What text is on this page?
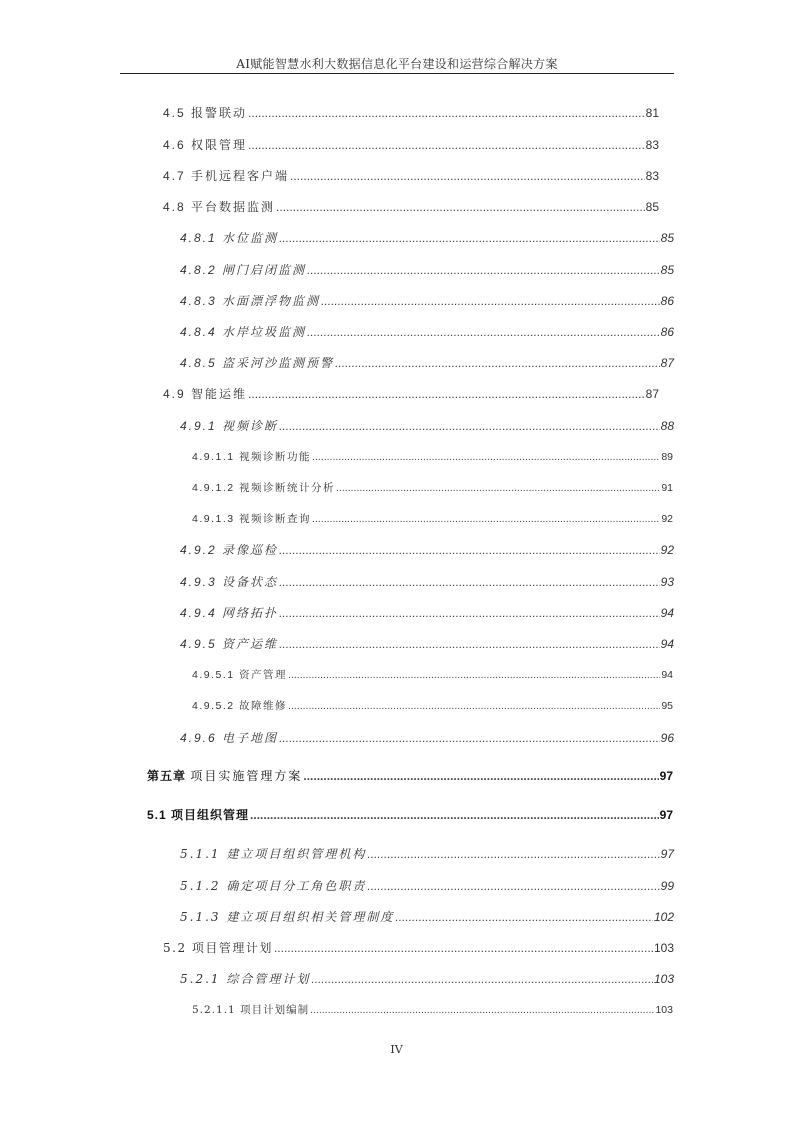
AI赋能智慧水利大数据信息化平台建设和运营综合解决方案
4.5 报警联动 .....	81
4.6 权限管理 .....	83
4.7 手机远程客户端 .....	83
4.8 平台数据监测 .....	85
4.8.1 水位监测 .....	85
4.8.2 闸门启闭监测 .....	85
4.8.3 水面漂浮物监测 .....	86
4.8.4 水岸垃圾监测 .....	86
4.8.5 盗采河沙监测预警 .....	87
4.9 智能运维 .....	87
4.9.1 视频诊断 .....	88
4.9.1.1 视频诊断功能 .....	89
4.9.1.2 视频诊断统计分析 .....	91
4.9.1.3 视频诊断查询 .....	92
4.9.2 录像巡检 .....	92
4.9.3 设备状态 .....	93
4.9.4 网络拓扑 .....	94
4.9.5 资产运维 .....	94
4.9.5.1 资产管理 .....	94
4.9.5.2 故障维修 .....	95
4.9.6 电子地图 .....	96
第五章 项目实施管理方案 .....	97
5.1 项目组织管理 .....	97
5.1.1 建立项目组织管理机构 .....	97
5.1.2 确定项目分工角色职责 .....	99
5.1.3 建立项目组织相关管理制度 .....	102
5.2 项目管理计划 .....	103
5.2.1 综合管理计划 .....	103
5.2.1.1 项目计划编制 .....	103
IV
